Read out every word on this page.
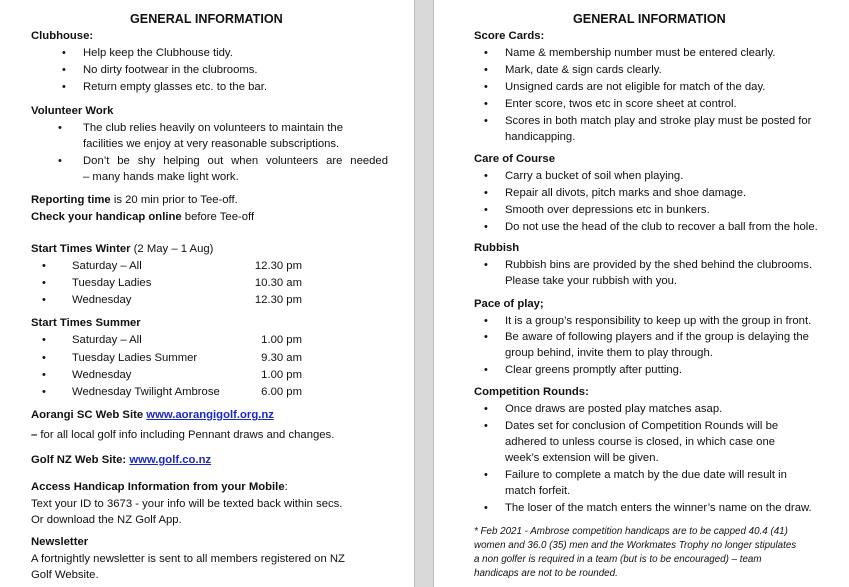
GENERAL INFORMATION
Clubhouse:
• Help keep the Clubhouse tidy.
• No dirty footwear in the clubrooms.
• Return empty glasses etc. to the bar.
Volunteer Work
• The club relies heavily on volunteers to maintain the
facilities we enjoy at very reasonable subscriptions.
• Don’t be shy helping out when volunteers are needed
– many hands make light work.
Reporting time is 20 min prior to Tee-off.
Check your handicap online before Tee-off
Start Times Winter (2 May – 1 Aug)
• Saturday – All	12.30 pm
• Tuesday Ladies	10.30 am
• Wednesday	12.30 pm
Start Times Summer
• Saturday – All	1.00 pm
• Tuesday Ladies Summer	9.30 am
• Wednesday	1.00 pm
• Wednesday Twilight Ambrose	6.00 pm
Aorangi SC Web Site www.aorangigolf.org.nz
– for all local golf info including Pennant draws and changes.
Golf NZ Web Site: www.golf.co.nz
Access Handicap Information from your Mobile:
Text your ID to 3673 - your info will be texted back within secs.
Or download the NZ Golf App.
Newsletter
A fortnightly newsletter is sent to all members registered on NZ
Golf Website.
GENERAL INFORMATION
Score Cards:
• Name & membership number must be entered clearly.
• Mark, date & sign cards clearly.
• Unsigned cards are not eligible for match of the day.
• Enter score, twos etc in score sheet at control.
• Scores in both match play and stroke play must be posted for
handicapping.
Care of Course
• Carry a bucket of soil when playing.
• Repair all divots, pitch marks and shoe damage.
• Smooth over depressions etc in bunkers.
• Do not use the head of the club to recover a ball from the hole.
Rubbish
• Rubbish bins are provided by the shed behind the clubrooms.
Please take your rubbish with you.
Pace of play;
• It is a group’s responsibility to keep up with the group in front.
• Be aware of following players and if the group is delaying the
group behind, invite them to play through.
• Clear greens promptly after putting.
Competition Rounds:
• Once draws are posted play matches asap.
• Dates set for conclusion of Competition Rounds will be
adhered to unless course is closed, in which case one
week’s extension will be given.
• Failure to complete a match by the due date will result in
match forfeit.
• The loser of the match enters the winner’s name on the draw.
* Feb 2021 - Ambrose competition handicaps are to be capped 40.4 (41)
women and 36.0 (35) men and the Workmates Trophy no longer stipulates
a non golfer is required in a team (but is to be encouraged) – team
handicaps are not to be rounded.
